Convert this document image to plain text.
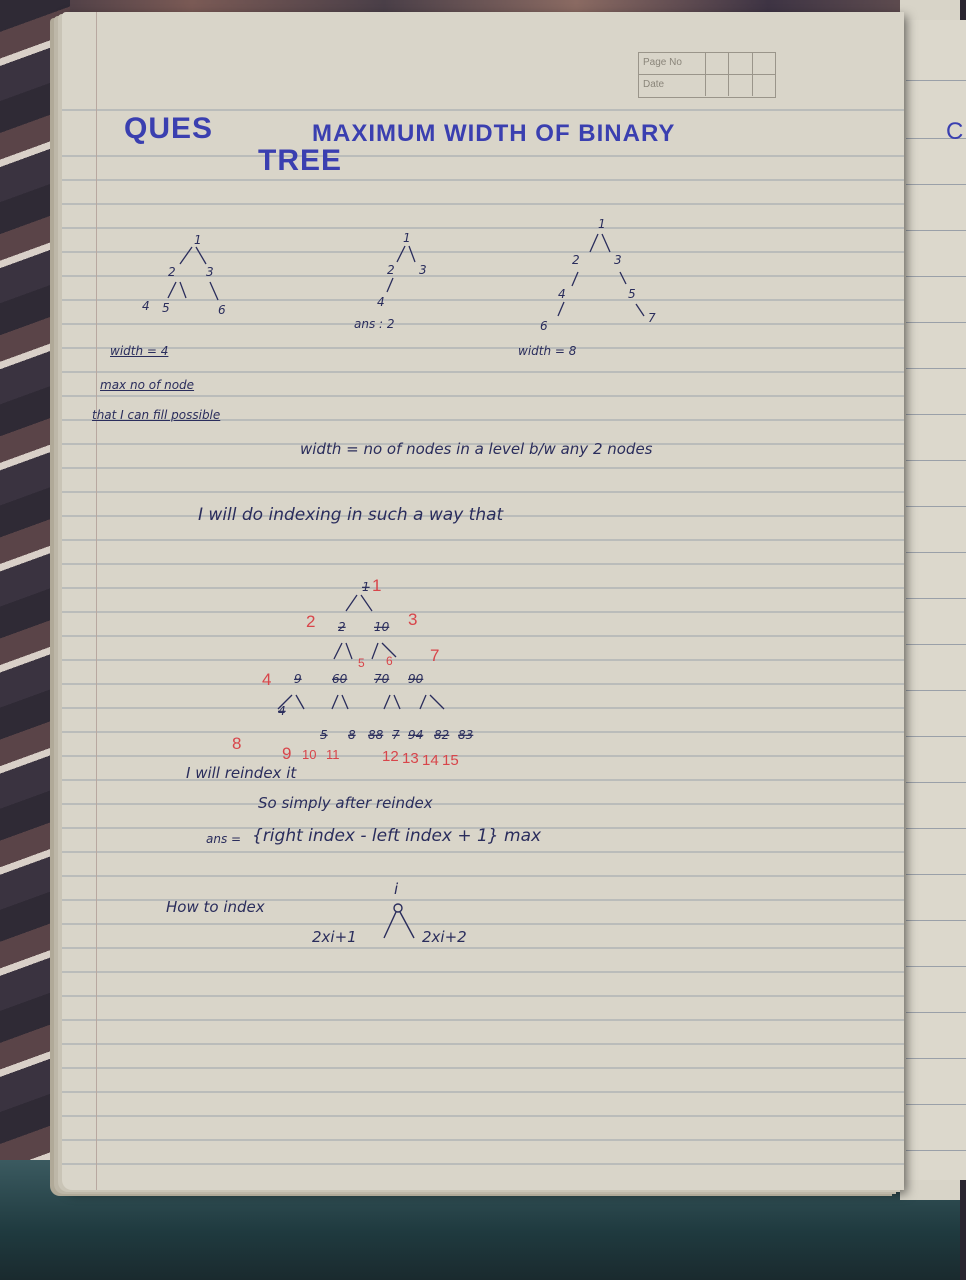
C
Page No
Date
QUES	MAXIMUM WIDTH OF BINARY
TREE
1
2	3
4 5	6
width = 4
max no of node
that I can fill possible
1
2 3
4
ans : 2
1
2	3
4	5
6
7
width = 8
width = no of nodes in a level b/w any 2 nodes
I will do indexing in such a way that
1
2 10
9	60 70 90
4
5 8 88 7 94 82 83
1
2	3
4
5 6 7
8
9 10 11	12 13 14 15
I will reindex it
So simply after reindex
ans = {right index - left index + 1} max
How to index
i
2xi+1	2xi+2
